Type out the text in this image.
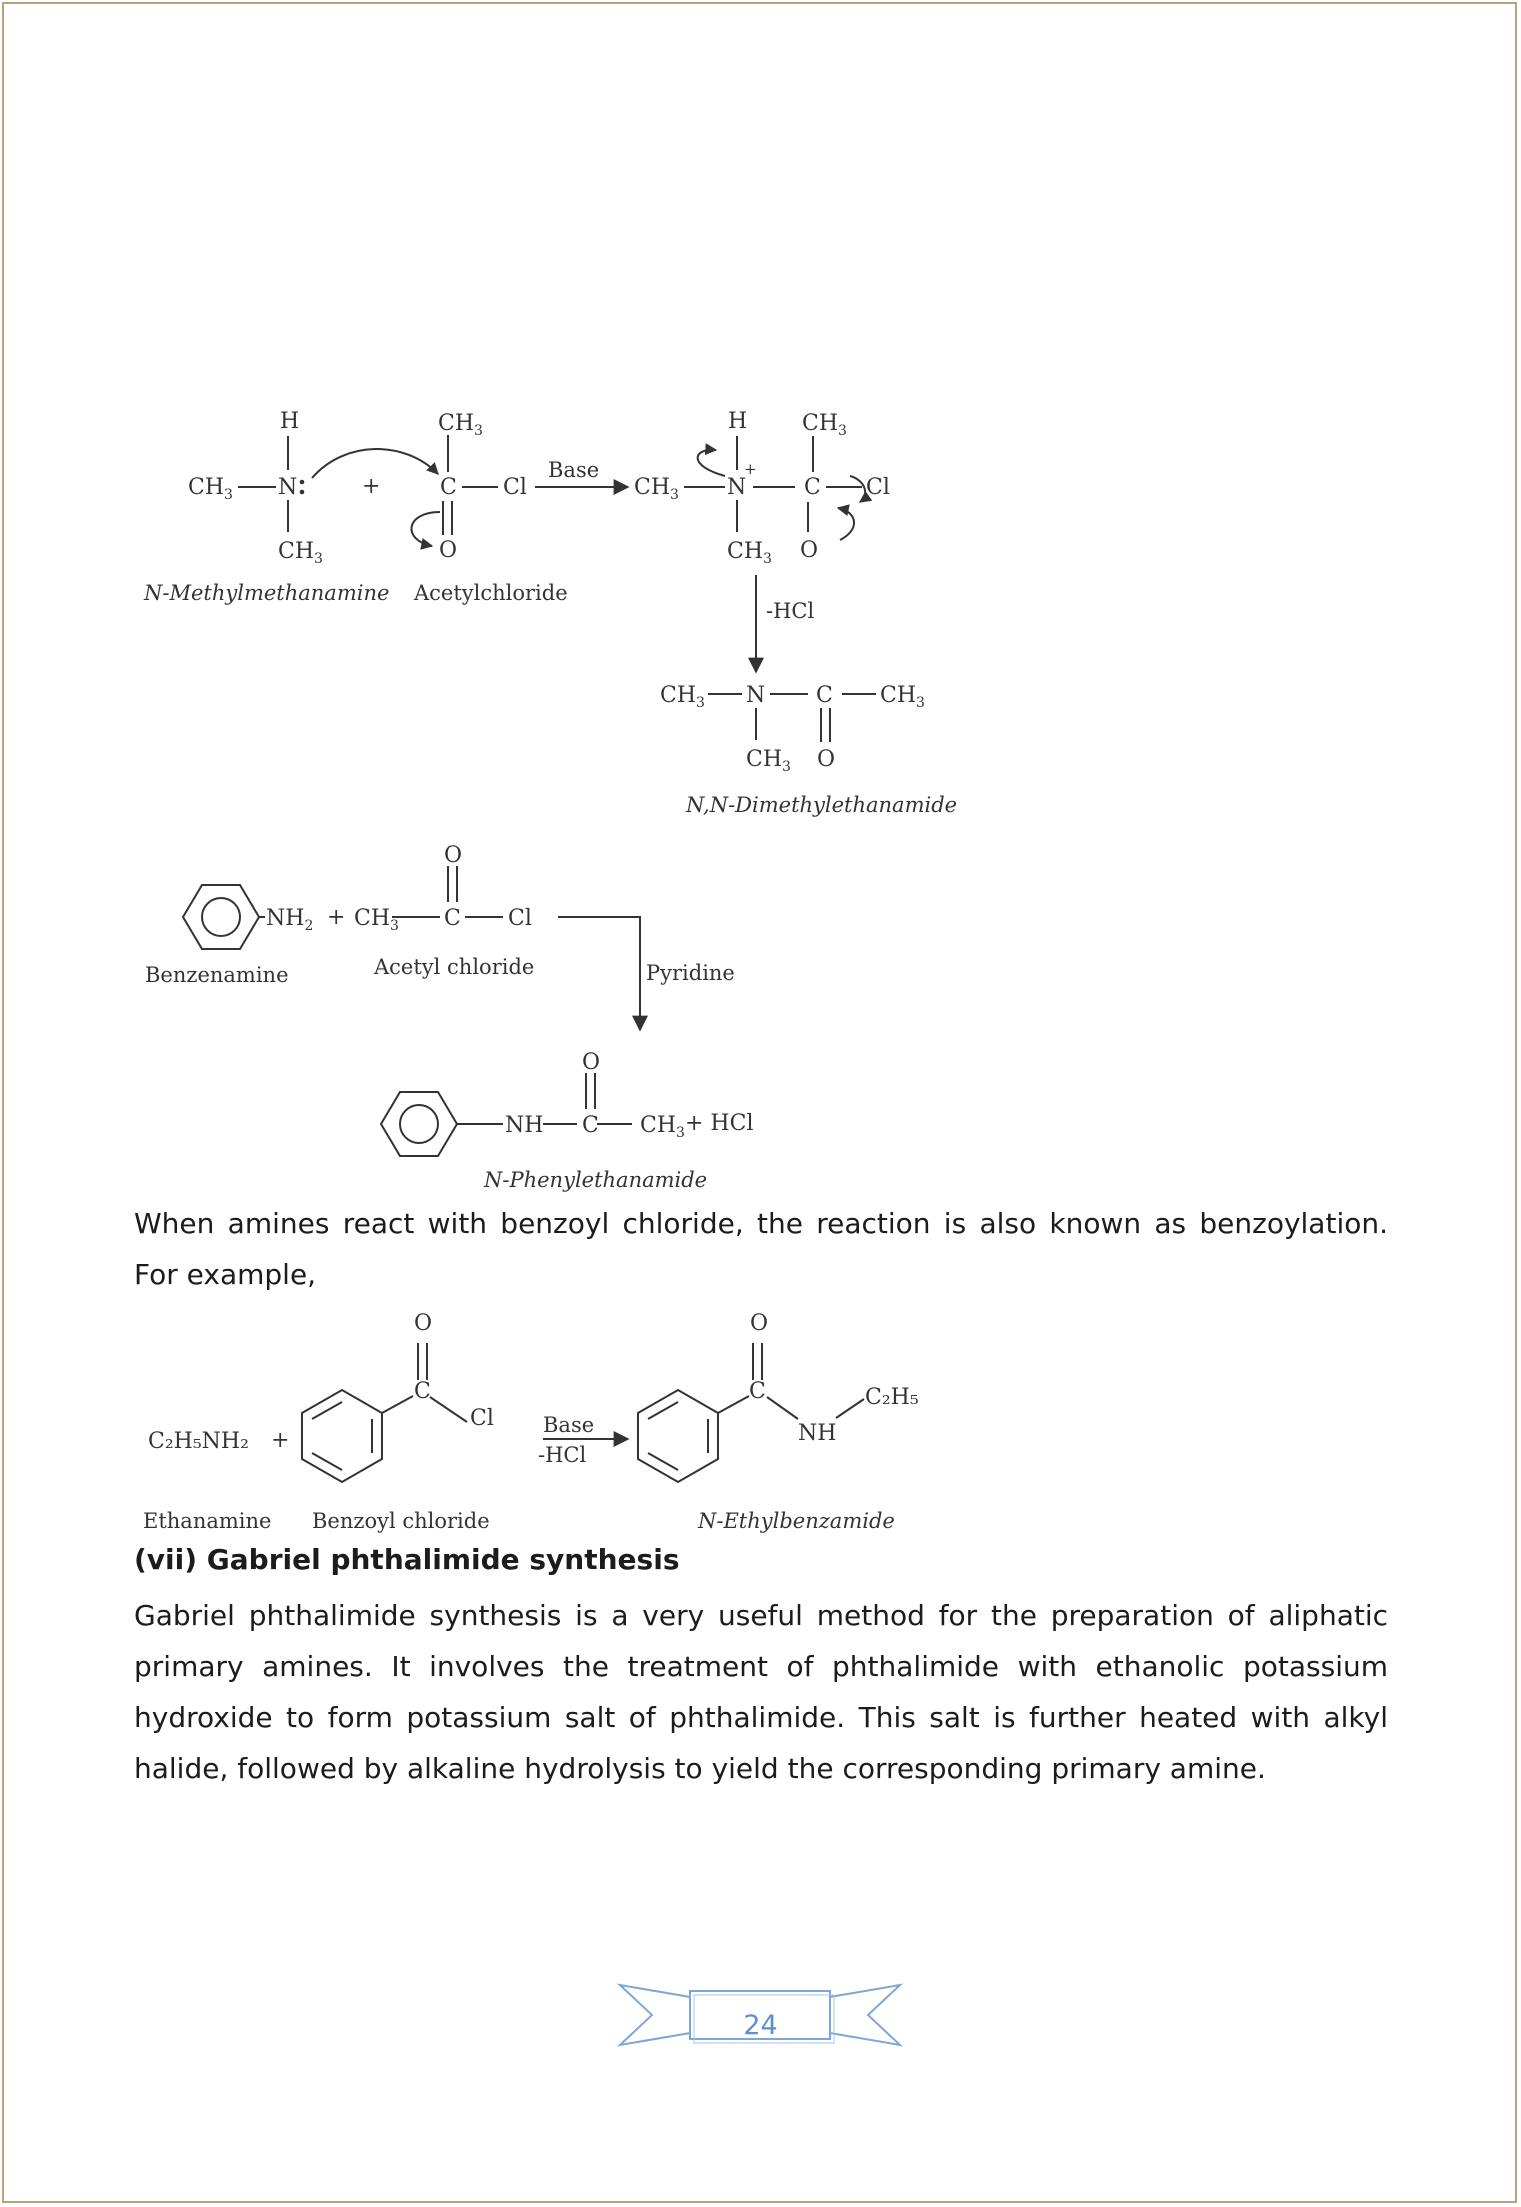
H
$CH_3$ N
$CH_3$
N-Methylmethanamine
+
$CH_3$
C Cl
O
Acetylchloride
Base
H $CH_3$
$CH_3$ N
+
C Cl
$CH_3$ O
-HCl
$CH_3$ N C $CH_3$
$CH_3$ O
N,N-Dimethylethanamide
$NH_2$
Benzenamine
+
O
$CH_3$ C Cl
Acetyl chloride	Pyridine
O
NH C $CH_3$ + HCl
N-Phenylethanamide

When amines react with benzoyl chloride, the reaction is also known as benzoylation. For example,

C₂H₅NH₂
Ethanamine
+
O
C
Cl
Benzoyl chloride
Base
-HCl
O
C
NH
C₂H₅
N-Ethylbenzamide
(vii) Gabriel phthalimide synthesis

Gabriel phthalimide synthesis is a very useful method for the preparation of aliphatic primary amines. It involves the treatment of phthalimide with ethanolic potassium hydroxide to form potassium salt of phthalimide. This salt is further heated with alkyl halide, followed by alkaline hydrolysis to yield the corresponding primary amine.

24
